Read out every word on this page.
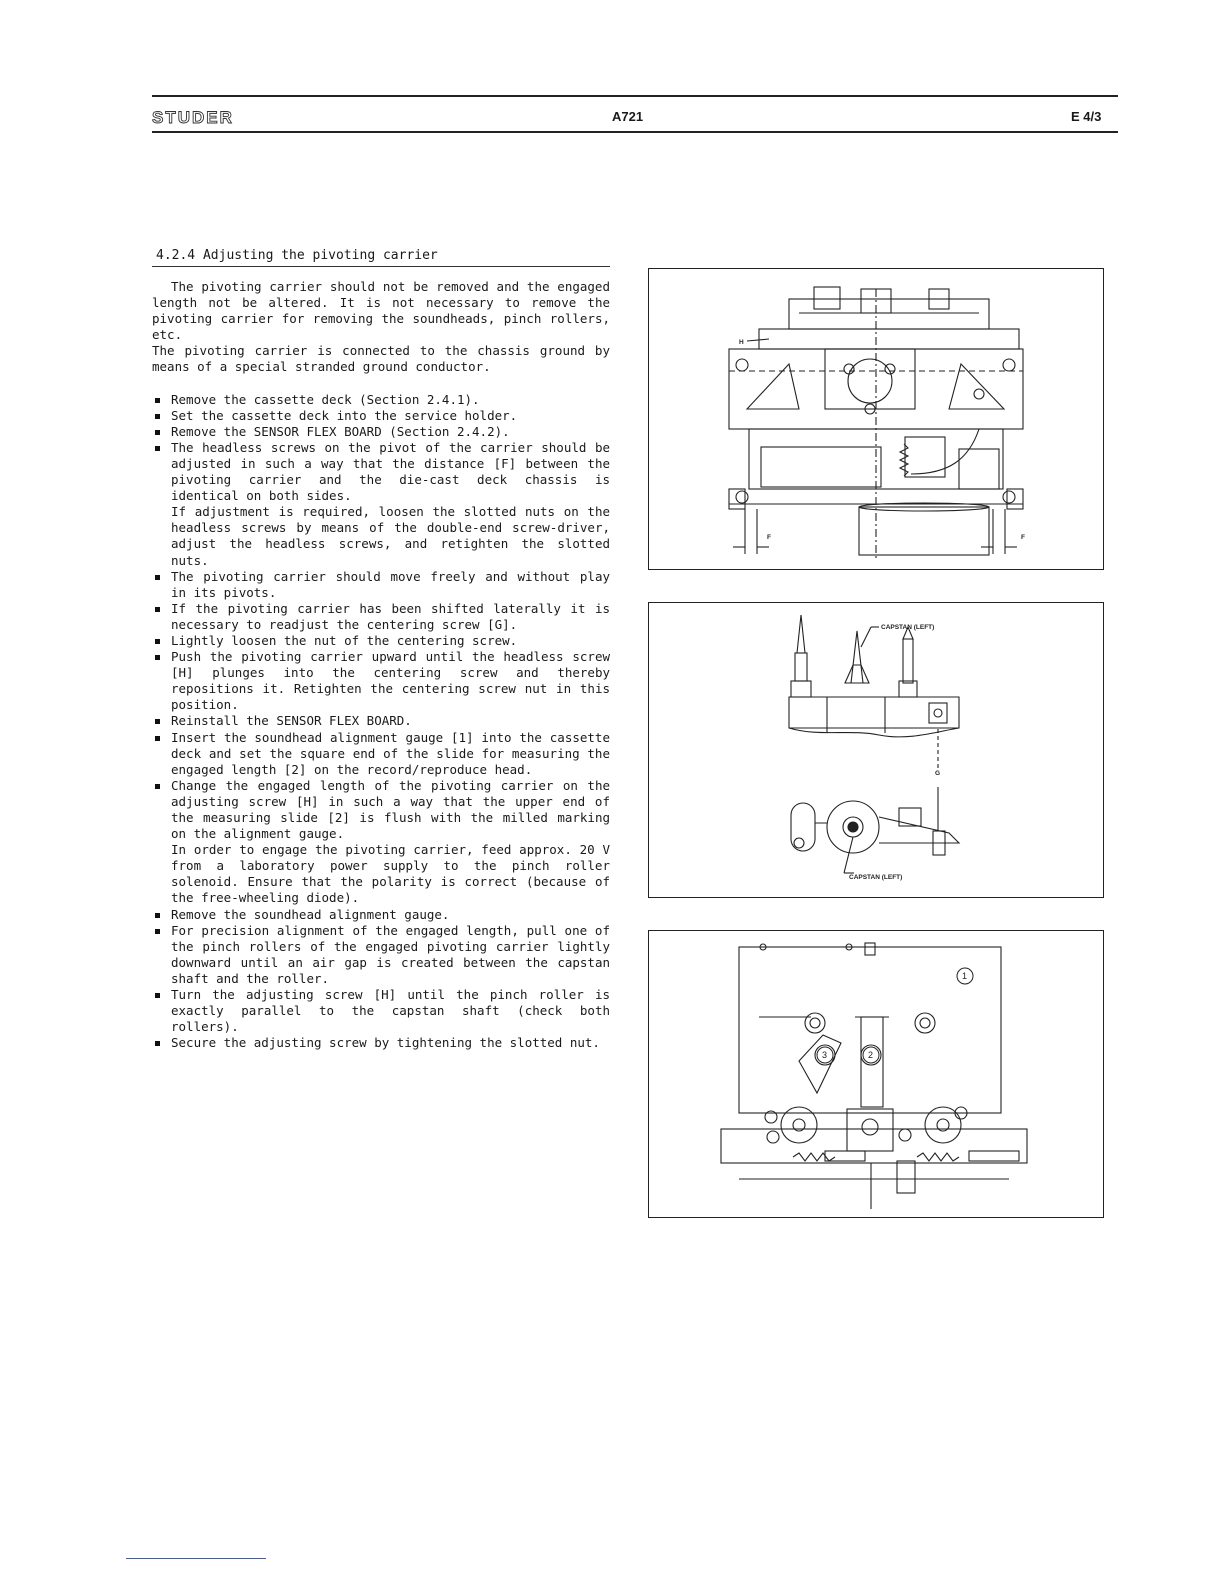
STUDER	A721	E 4/3
4.2.4 Adjusting the pivoting carrier

The pivoting carrier should not be removed and the engaged length not be altered. It is not necessary to remove the pivoting carrier for removing the soundheads, pinch rollers, etc.

The pivoting carrier is connected to the chassis ground by means of a special stranded ground conductor.

Remove the cassette deck (Section 2.4.1).
Set the cassette deck into the service holder.
Remove the SENSOR FLEX BOARD (Section 2.4.2).
The headless screws on the pivot of the carrier should be adjusted in such a way that the distance [F] between the pivoting carrier and the die-cast deck chassis is identical on both sides.
If adjustment is required, loosen the slotted nuts on the headless screws by means of the double-end screw-driver, adjust the headless screws, and retighten the slotted nuts.
The pivoting carrier should move freely and without play in its pivots.
If the pivoting carrier has been shifted laterally it is necessary to readjust the centering screw [G].
Lightly loosen the nut of the centering screw.
Push the pivoting carrier upward until the headless screw [H] plunges into the centering screw and thereby repositions it. Retighten the centering screw nut in this position.
Reinstall the SENSOR FLEX BOARD.
Insert the soundhead alignment gauge [1] into the cassette deck and set the square end of the slide for measuring the engaged length [2] on the record/reproduce head.
Change the engaged length of the pivoting carrier on the adjusting screw [H] in such a way that the upper end of the measuring slide [2] is flush with the milled marking on the alignment gauge.
In order to engage the pivoting carrier, feed approx. 20 V from a laboratory power supply to the pinch roller solenoid. Ensure that the polarity is correct (because of the free-wheeling diode).
Remove the soundhead alignment gauge.
For precision alignment of the engaged length, pull one of the pinch rollers of the engaged pivoting carrier lightly downward until an air gap is created between the capstan shaft and the roller.
Turn the adjusting screw [H] until the pinch roller is exactly parallel to the capstan shaft (check both rollers).
Secure the adjusting screw by tightening the slotted nut.
H
F	F
CAPSTAN (LEFT)
G
CAPSTAN (LEFT)
1
2
3
